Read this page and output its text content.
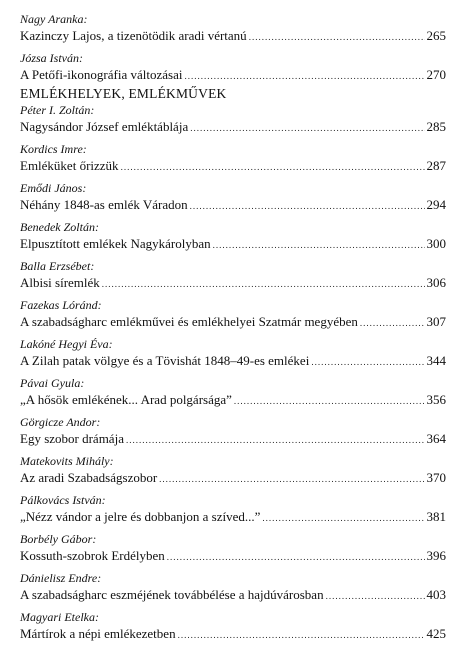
Nagy Aranka:
Kazinczy Lajos, a tizenötödik aradi vértanú .....	265
Józsa István:
A Petőfi-ikonográfia változásai .....	270
EMLÉKHELYEK, EMLÉKMŰVEK
Péter I. Zoltán:
Nagysándor József emléktáblája .....	285
Kordics Imre:
Emléküket őrizzük .....	287
Emődi János:
Néhány 1848-as emlék Váradon .....	294
Benedek Zoltán:
Elpusztított emlékek Nagykárolyban .....	300
Balla Erzsébet:
Albisi síremlék .....	306
Fazekas Lóránd:
A szabadságharc emlékművei és emlékhelyei Szatmár megyében .....	307
Lakóné Hegyi Éva:
A Zilah patak völgye és a Tövishát 1848–49-es emlékei .....	344
Pávai Gyula:
„A hősök emlékének... Arad polgársága” .....	356
Görgicze Andor:
Egy szobor drámája .....	364
Matekovits Mihály:
Az aradi Szabadságszobor .....	370
Pálkovács István:
„Nézz vándor a jelre és dobbanjon a szíved...” .....	381
Borbély Gábor:
Kossuth-szobrok Erdélyben .....	396
Dánielisz Endre:
A szabadságharc eszméjének továbbélése a hajdúvárosban .....	403
Magyari Etelka:
Mártírok a népi emlékezetben .....	425
